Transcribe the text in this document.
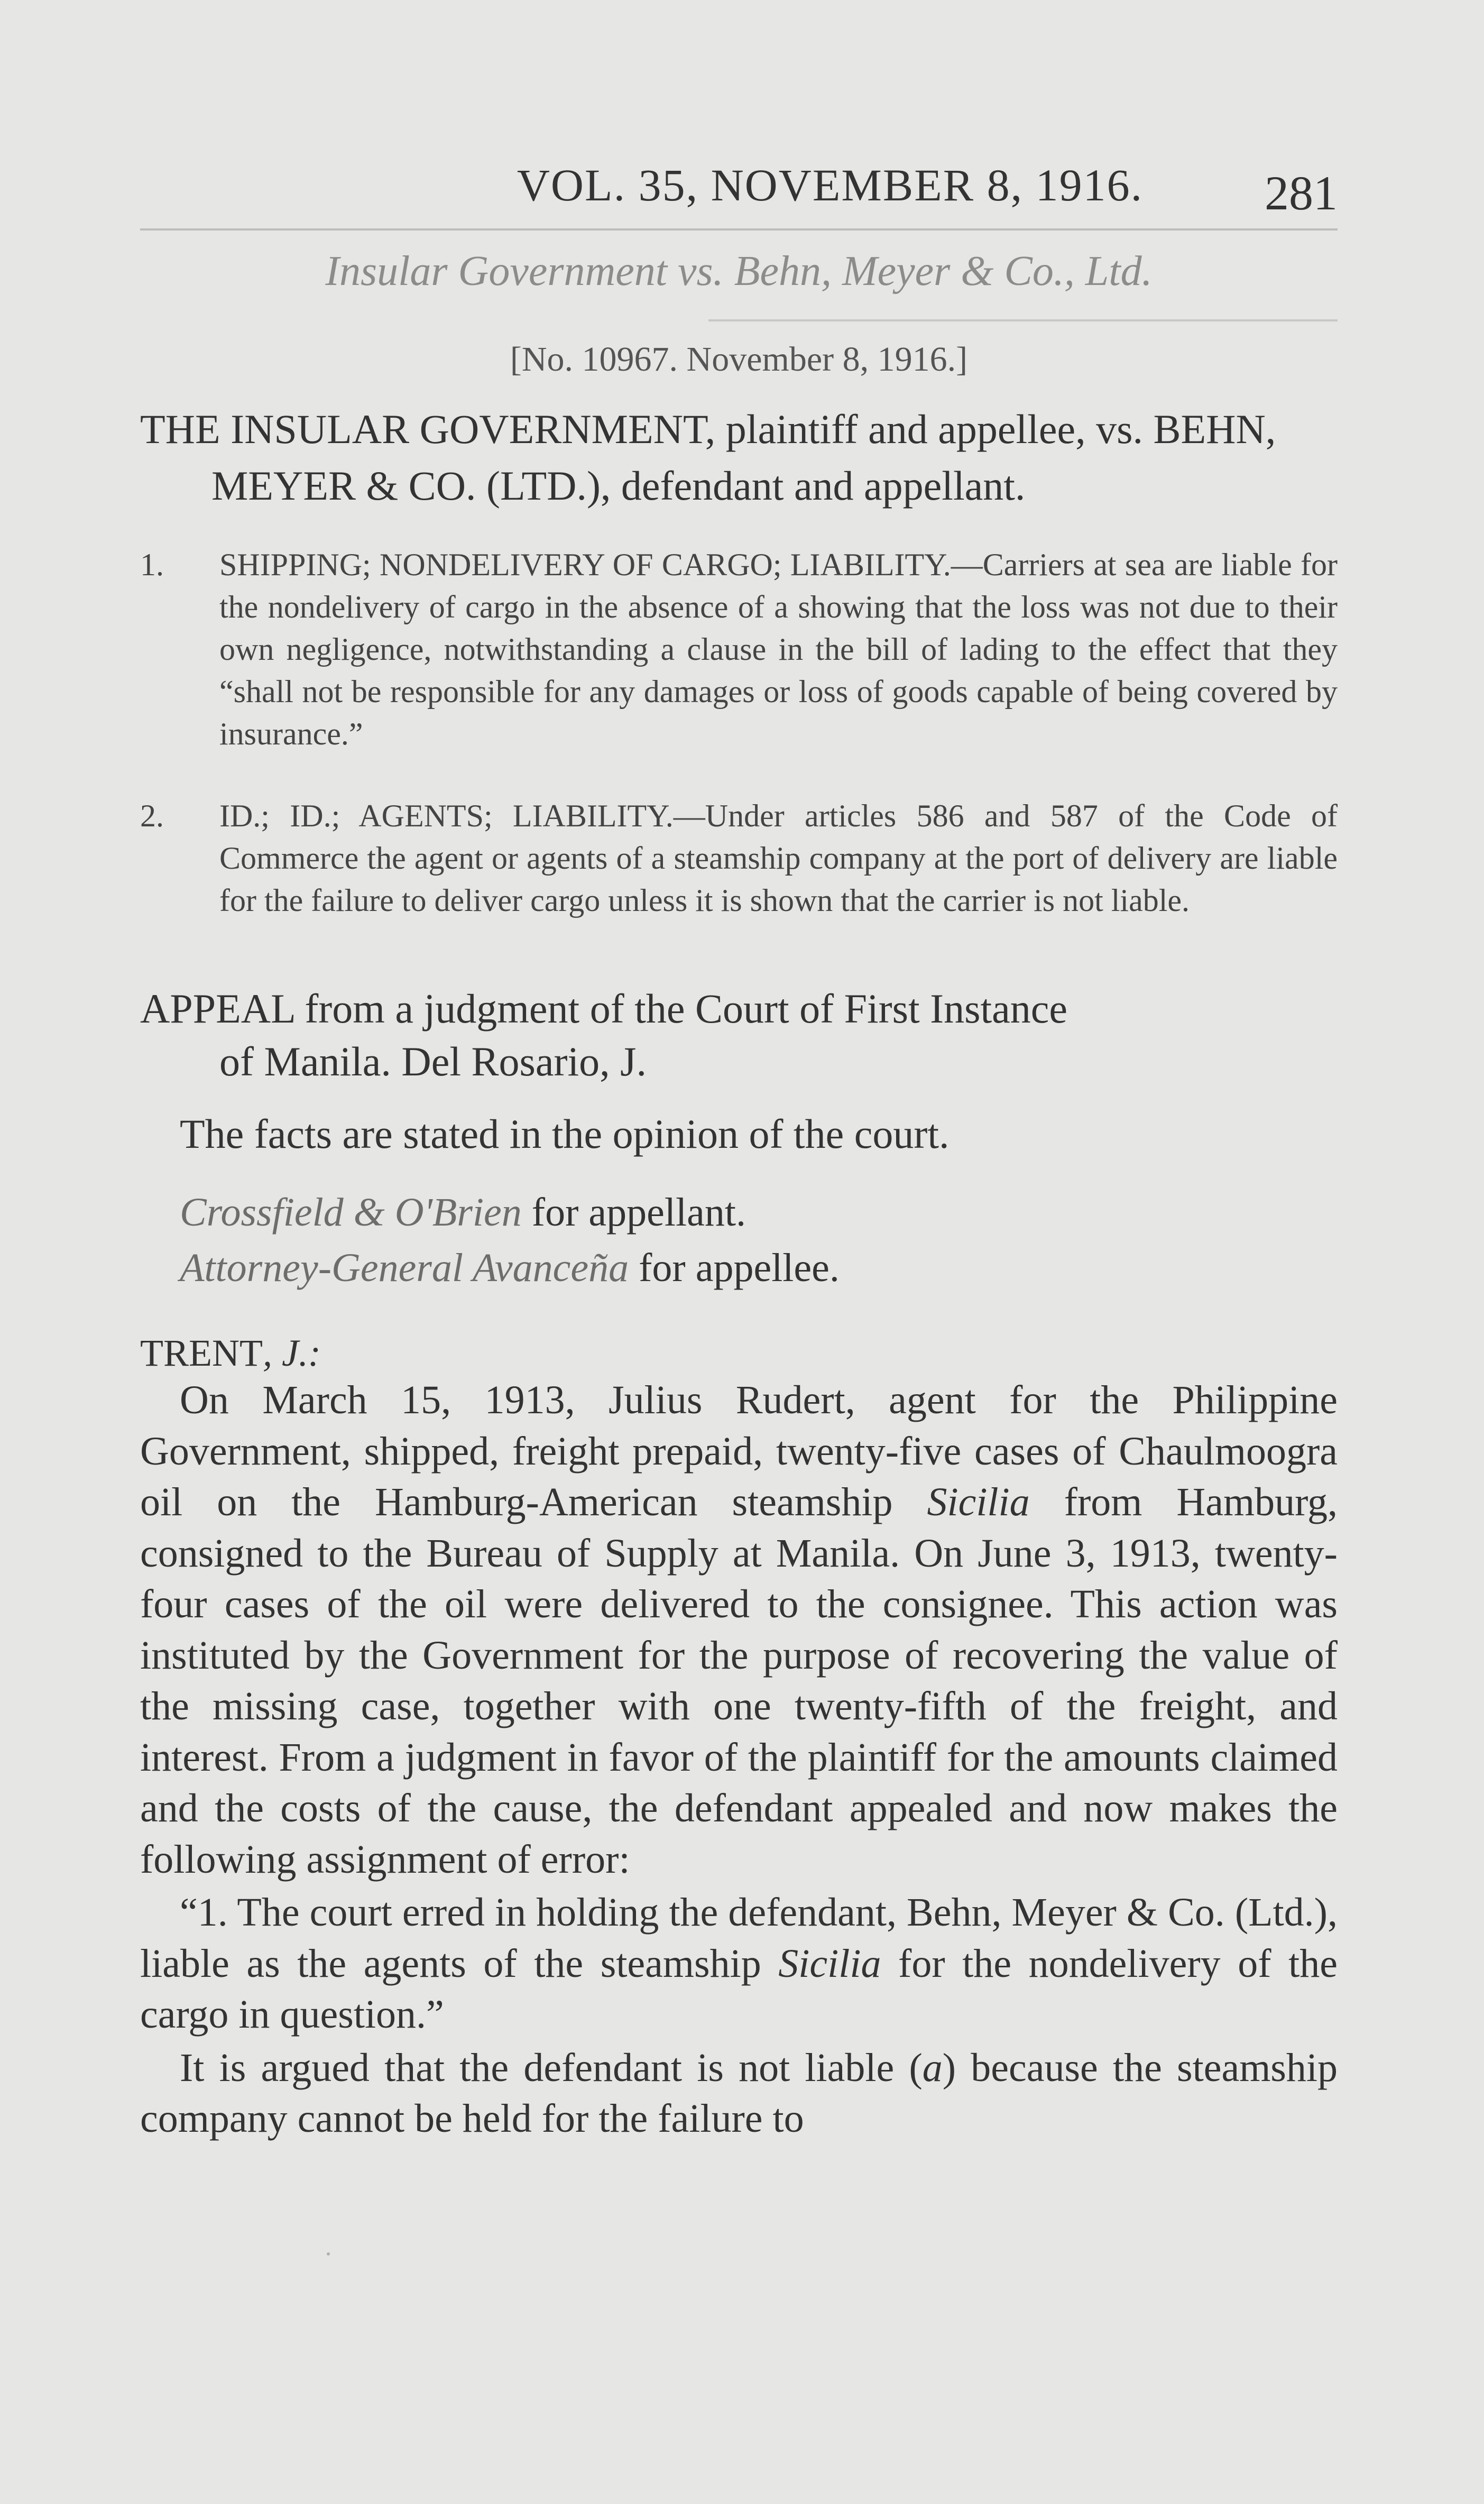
VOL. 35, NOVEMBER 8, 1916.	281
Insular Government vs. Behn, Meyer & Co., Ltd.
[No. 10967. November 8, 1916.]
THE INSULAR GOVERNMENT, plaintiff and appellee, vs. BEHN,
MEYER & CO. (LTD.), defendant and appellant.
1.	SHIPPING; NONDELIVERY OF CARGO; LIABILITY.—Carriers at sea are liable for the nondelivery of cargo in the absence of a showing that the loss was not due to their own negligence, notwithstanding a clause in the bill of lading to the effect that they “shall not be responsible for any damages or loss of goods capable of being covered by insurance.”
2.	ID.; ID.; AGENTS; LIABILITY.—Under articles 586 and 587 of the Code of Commerce the agent or agents of a steamship company at the port of delivery are liable for the failure to deliver cargo unless it is shown that the carrier is not liable.
APPEAL from a judgment of the Court of First Instance
of Manila. Del Rosario, J.
The facts are stated in the opinion of the court.
Crossfield & O'Brien for appellant.
Attorney-General Avanceña for appellee.
TRENT, J.:

On March 15, 1913, Julius Rudert, agent for the Philippine Government, shipped, freight prepaid, twenty-five cases of Chaulmoogra oil on the Hamburg-American steamship Sicilia from Hamburg, consigned to the Bureau of Supply at Manila. On June 3, 1913, twenty-four cases of the oil were delivered to the consignee. This action was instituted by the Government for the purpose of recovering the value of the missing case, together with one twenty-fifth of the freight, and interest. From a judgment in favor of the plaintiff for the amounts claimed and the costs of the cause, the defendant appealed and now makes the following assignment of error:

“1. The court erred in holding the defendant, Behn, Meyer & Co. (Ltd.), liable as the agents of the steamship Sicilia for the nondelivery of the cargo in question.”

It is argued that the defendant is not liable (a) because the steamship company cannot be held for the failure to
